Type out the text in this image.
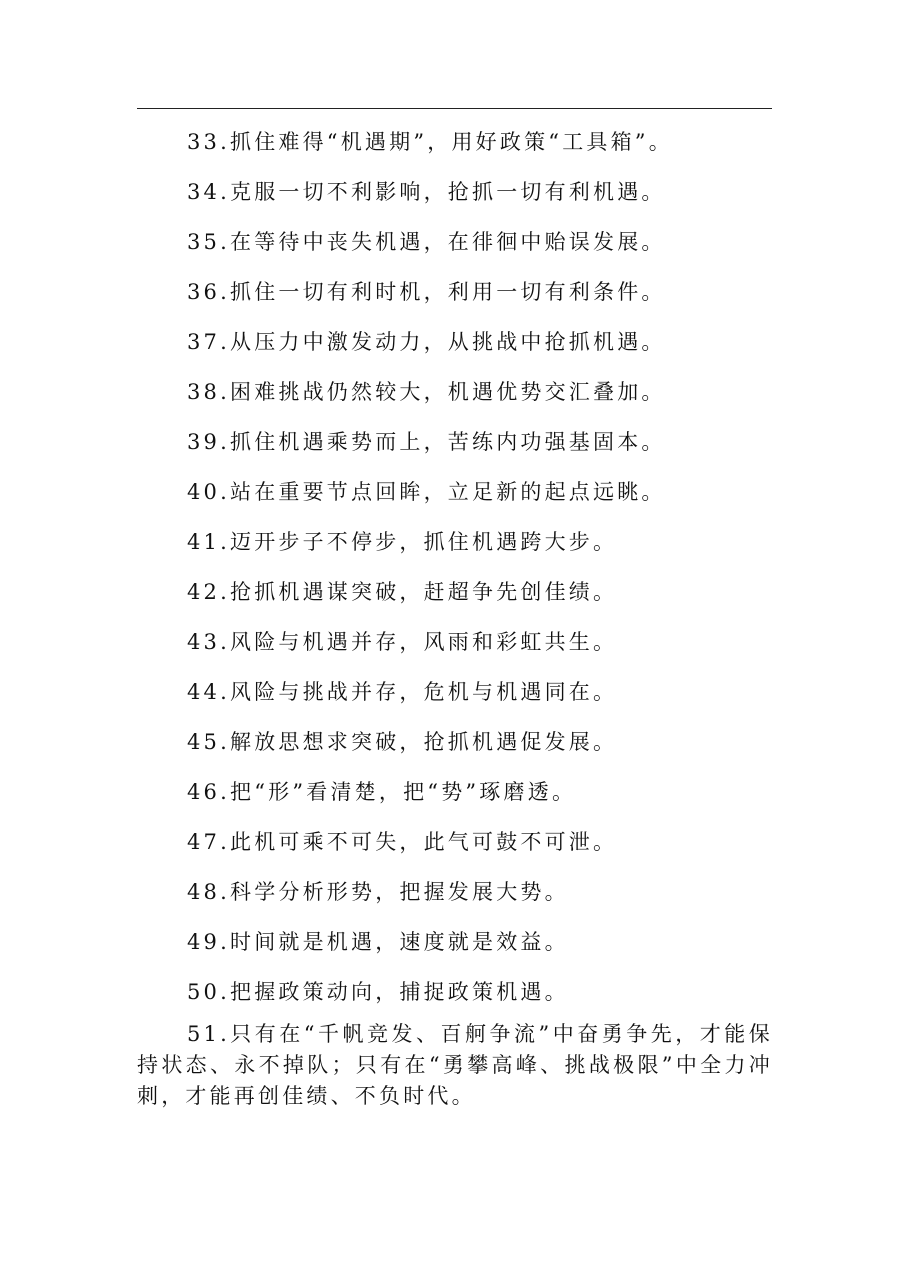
33.抓住难得“机遇期”，用好政策“工具箱”。
34.克服一切不利影响，抢抓一切有利机遇。
35.在等待中丧失机遇，在徘徊中贻误发展。
36.抓住一切有利时机，利用一切有利条件。
37.从压力中激发动力，从挑战中抢抓机遇。
38.困难挑战仍然较大，机遇优势交汇叠加。
39.抓住机遇乘势而上，苦练内功强基固本。
40.站在重要节点回眸，立足新的起点远眺。
41.迈开步子不停步，抓住机遇跨大步。
42.抢抓机遇谋突破，赶超争先创佳绩。
43.风险与机遇并存，风雨和彩虹共生。
44.风险与挑战并存，危机与机遇同在。
45.解放思想求突破，抢抓机遇促发展。
46.把“形”看清楚，把“势”琢磨透。
47.此机可乘不可失，此气可鼓不可泄。
48.科学分析形势，把握发展大势。
49.时间就是机遇，速度就是效益。
50.把握政策动向，捕捉政策机遇。
51.只有在“千帆竞发、百舸争流”中奋勇争先，才能保持状态、永不掉队；只有在“勇攀高峰、挑战极限”中全力冲刺，才能再创佳绩、不负时代。
